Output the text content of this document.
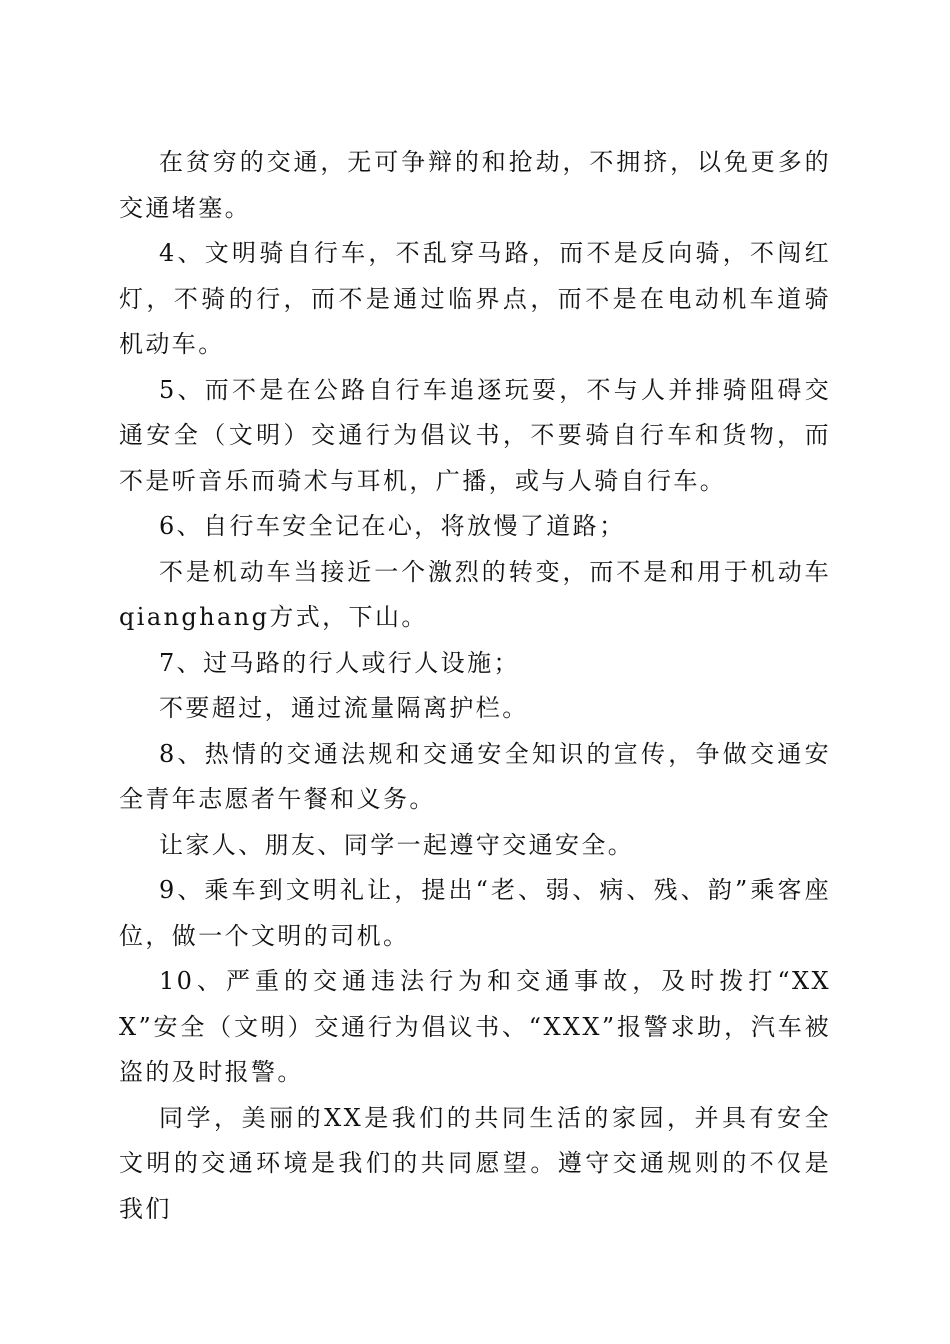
在贫穷的交通，无可争辩的和抢劫，不拥挤，以免更多的交通堵塞。

4、文明骑自行车，不乱穿马路，而不是反向骑，不闯红灯，不骑的行，而不是通过临界点，而不是在电动机车道骑机动车。

5、而不是在公路自行车追逐玩耍，不与人并排骑阻碍交通安全（文明）交通行为倡议书，不要骑自行车和货物，而不是听音乐而骑术与耳机，广播，或与人骑自行车。

6、自行车安全记在心，将放慢了道路；

不是机动车当接近一个激烈的转变，而不是和用于机动车qianghang方式，下山。

7、过马路的行人或行人设施；

不要超过，通过流量隔离护栏。

8、热情的交通法规和交通安全知识的宣传，争做交通安全青年志愿者午餐和义务。

让家人、朋友、同学一起遵守交通安全。

9、乘车到文明礼让，提出“老、弱、病、残、韵”乘客座位，做一个文明的司机。

10、严重的交通违法行为和交通事故，及时拨打“XXX”安全（文明）交通行为倡议书、“XXX”报警求助，汽车被盗的及时报警。

同学，美丽的XX是我们的共同生活的家园，并具有安全文明的交通环境是我们的共同愿望。遵守交通规则的不仅是我们
